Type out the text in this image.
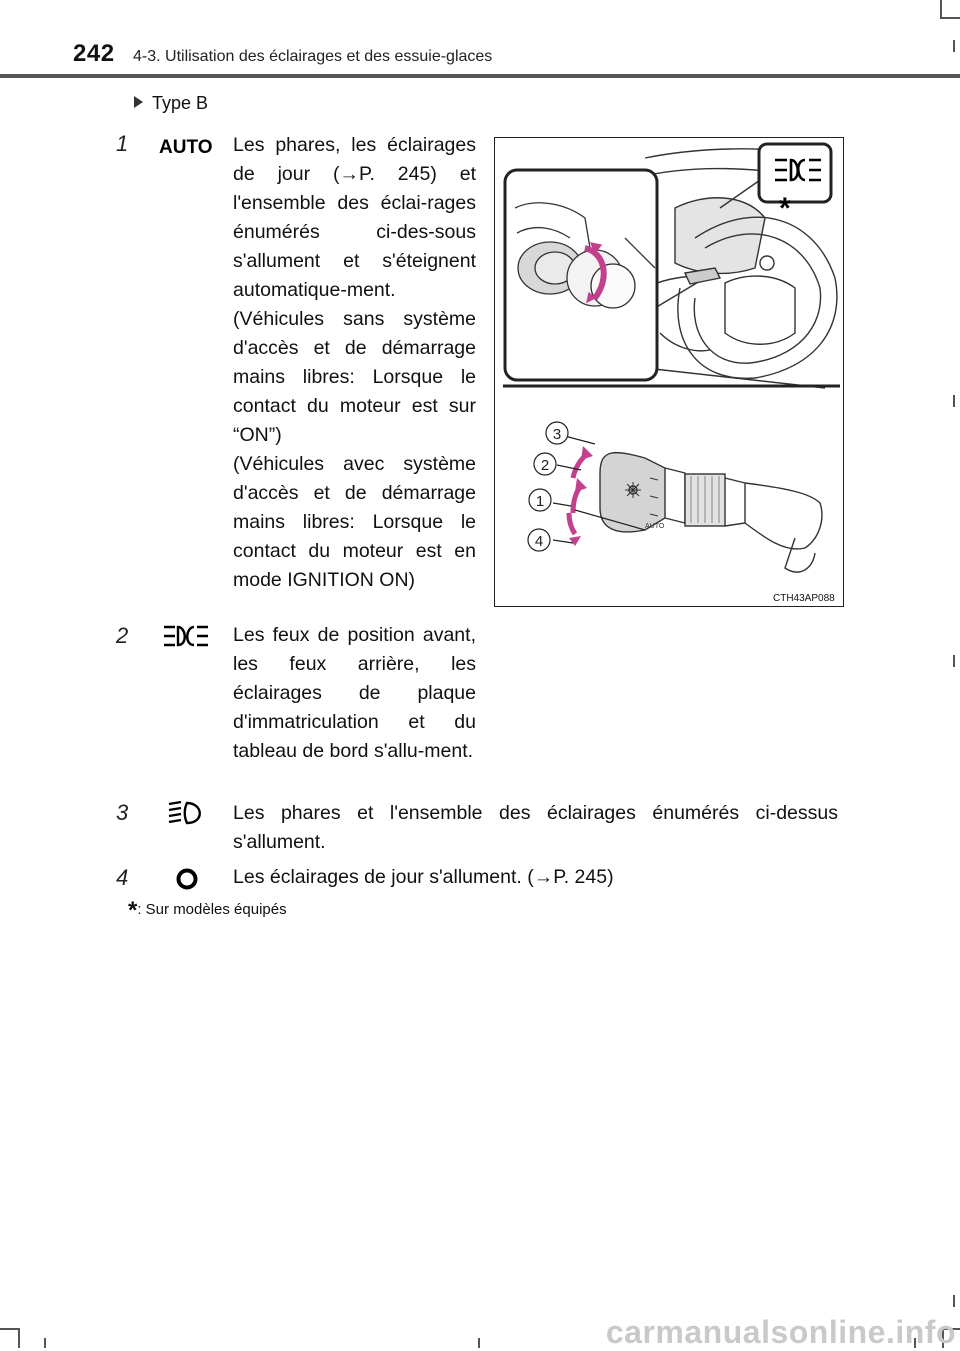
242 4-3. Utilisation des éclairages et des essuie-glaces
Type B
1 AUTO Les phares, les éclairages de jour (→P. 245) et l'ensemble des éclai-rages énumérés ci-des-sous s'allument et s'éteignent automatique-ment.
(Véhicules sans système d'accès et de démarrage mains libres: Lorsque le contact du moteur est sur “ON”)
(Véhicules avec système d'accès et de démarrage mains libres: Lorsque le contact du moteur est en mode IGNITION ON)
*
AUTO
3
2
1
4
CTH43AP088
2	Les feux de position avant, les feux arrière, les éclairages de plaque d'immatriculation et du tableau de bord s'allu-ment.
3	Les phares et l'ensemble des éclairages énumérés ci-dessus s'allument.
4	Les éclairages de jour s'allument. (→P. 245)
*: Sur modèles équipés
carmanualsonline.info
